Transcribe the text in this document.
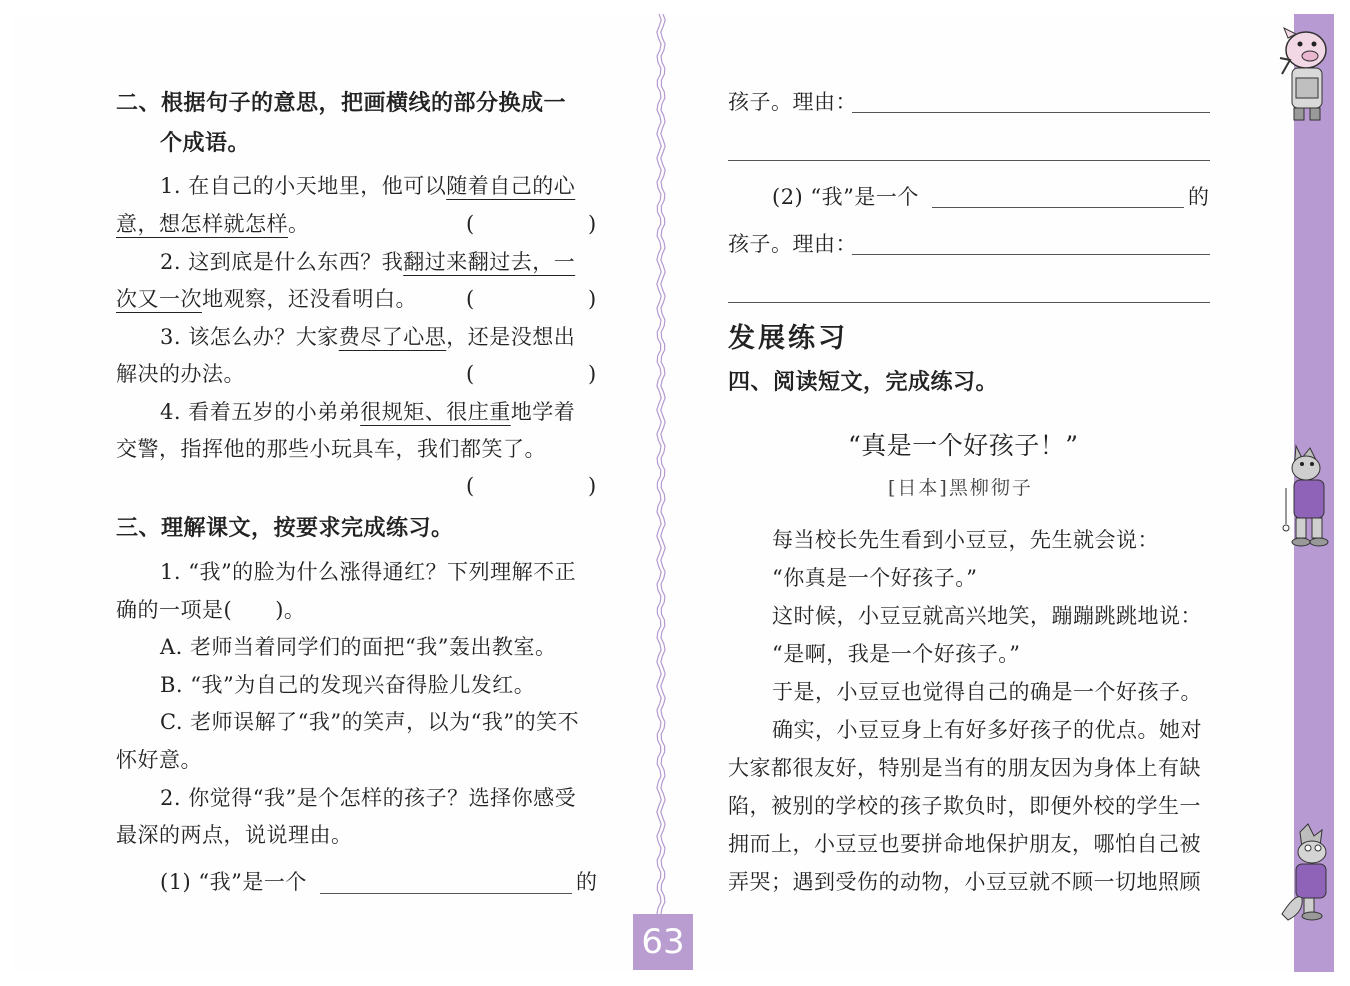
二、根据句子的意思，把画横线的部分换成一
个成语。
1. 在自己的小天地里，他可以随着自己的心
意，想怎样就怎样。	(	)
2. 这到底是什么东西？我翻过来翻过去，一
次又一次地观察，还没看明白。 (	)
3. 该怎么办？大家费尽了心思，还是没想出
解决的办法。	(	)
4. 看着五岁的小弟弟很规矩、很庄重地学着
交警，指挥他的那些小玩具车，我们都笑了。
(	)
三、理解课文，按要求完成练习。
1. “我”的脸为什么涨得通红？下列理解不正
确的一项是(　　)。
A. 老师当着同学们的面把“我”轰出教室。
B. “我”为自己的发现兴奋得脸儿发红。
C. 老师误解了“我”的笑声，以为“我”的笑不
怀好意。
2. 你觉得“我”是个怎样的孩子？选择你感受
最深的两点，说说理由。
(1) “我”是一个	的
孩子。理由：
(2) “我”是一个	的
孩子。理由：
发展练习
四、阅读短文，完成练习。
“真是一个好孩子！”
[日本]黑柳彻子
每当校长先生看到小豆豆，先生就会说：
“你真是一个好孩子。”
这时候，小豆豆就高兴地笑，蹦蹦跳跳地说：
“是啊，我是一个好孩子。”
于是，小豆豆也觉得自己的确是一个好孩子。
确实，小豆豆身上有好多好孩子的优点。她对
大家都很友好，特别是当有的朋友因为身体上有缺
陷，被别的学校的孩子欺负时，即便外校的学生一
拥而上，小豆豆也要拼命地保护朋友，哪怕自己被
弄哭；遇到受伤的动物，小豆豆就不顾一切地照顾
63
